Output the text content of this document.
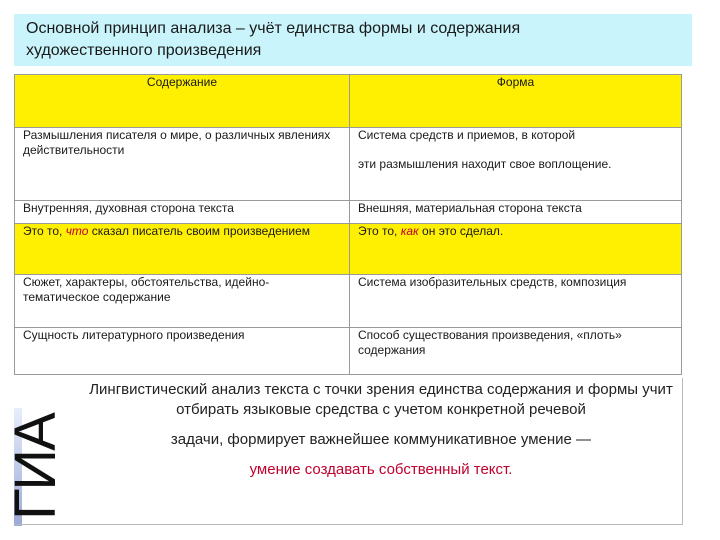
Основной принцип анализа – учёт единства формы и содержания
художественного произведения
Содержание	Форма
Размышления писателя о мире, о различных явлениях действительности	Система средств и приемов, в которой
эти размышления находит свое воплощение.

Внутренняя, духовная сторона текста	Внешняя, материальная сторона текста
Это то, что сказал писатель своим произведением	Это то, как он это сделал.
Сюжет, характеры, обстоятельства, идейно-тематическое содержание	Система изобразительных средств, композиция
Сущность литературного произведения	Способ существования произведения, «плоть» содержания
ГИА
Лингвистический анализ текста с точки зрения единства содержания и формы учит
отбирать языковые средства с учетом конкретной речевой
задачи, формирует важнейшее коммуникативное умение —
умение создавать собственный текст.
